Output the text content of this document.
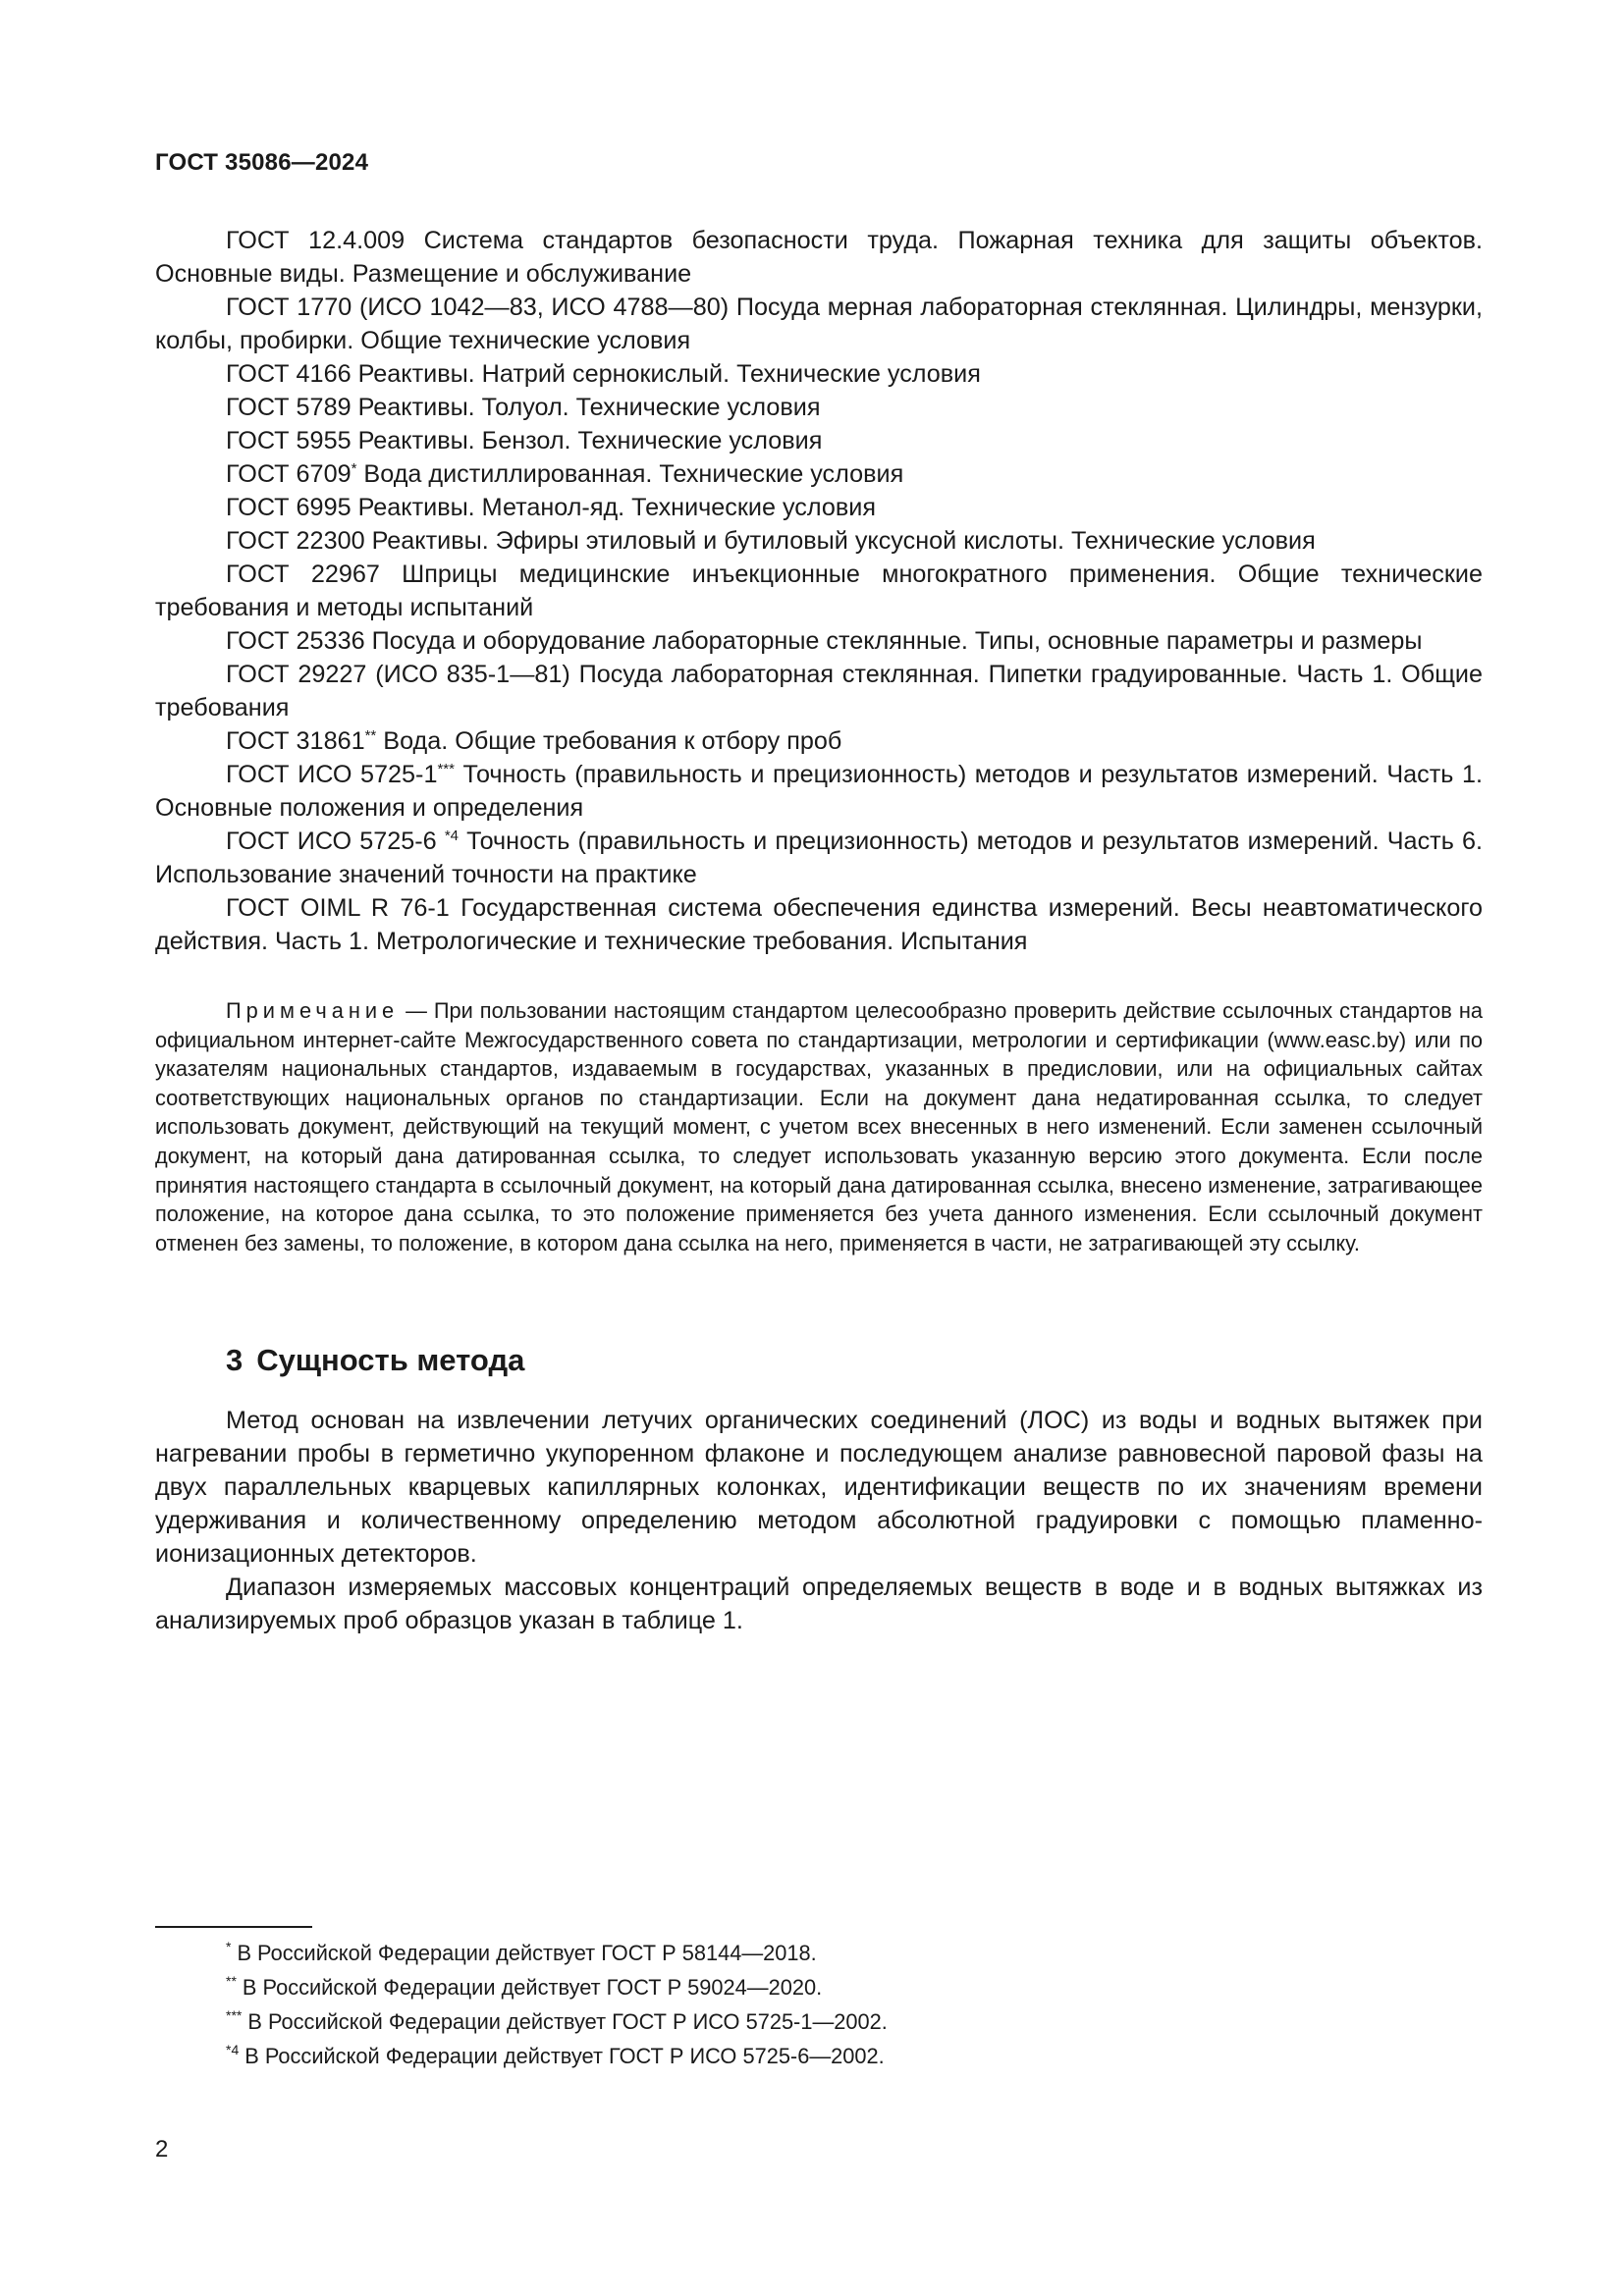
ГОСТ 35086—2024

ГОСТ 12.4.009 Система стандартов безопасности труда. Пожарная техника для защиты объектов. Основные виды. Размещение и обслуживание

ГОСТ 1770 (ИСО 1042—83, ИСО 4788—80) Посуда мерная лабораторная стеклянная. Цилиндры, мензурки, колбы, пробирки. Общие технические условия

ГОСТ 4166 Реактивы. Натрий сернокислый. Технические условия

ГОСТ 5789 Реактивы. Толуол. Технические условия

ГОСТ 5955 Реактивы. Бензол. Технические условия

ГОСТ 6709* Вода дистиллированная. Технические условия

ГОСТ 6995 Реактивы. Метанол-яд. Технические условия

ГОСТ 22300 Реактивы. Эфиры этиловый и бутиловый уксусной кислоты. Технические условия

ГОСТ 22967 Шприцы медицинские инъекционные многократного применения. Общие технические требования и методы испытаний

ГОСТ 25336 Посуда и оборудование лабораторные стеклянные. Типы, основные параметры и размеры

ГОСТ 29227 (ИСО 835-1—81) Посуда лабораторная стеклянная. Пипетки градуированные. Часть 1. Общие требования

ГОСТ 31861** Вода. Общие требования к отбору проб

ГОСТ ИСО 5725-1*** Точность (правильность и прецизионность) методов и результатов измерений. Часть 1. Основные положения и определения

ГОСТ ИСО 5725-6 $^{*4}$ Точность (правильность и прецизионность) методов и результатов измерений. Часть 6. Использование значений точности на практике

ГОСТ OIML R 76-1 Государственная система обеспечения единства измерений. Весы неавтоматического действия. Часть 1. Метрологические и технические требования. Испытания

Примечание — При пользовании настоящим стандартом целесообразно проверить действие ссылочных стандартов на официальном интернет-сайте Межгосударственного совета по стандартизации, метрологии и сертификации (www.easc.by) или по указателям национальных стандартов, издаваемым в государствах, указанных в предисловии, или на официальных сайтах соответствующих национальных органов по стандартизации. Если на документ дана недатированная ссылка, то следует использовать документ, действующий на текущий момент, с учетом всех внесенных в него изменений. Если заменен ссылочный документ, на который дана датированная ссылка, то следует использовать указанную версию этого документа. Если после принятия настоящего стандарта в ссылочный документ, на который дана датированная ссылка, внесено изменение, затрагивающее положение, на которое дана ссылка, то это положение применяется без учета данного изменения. Если ссылочный документ отменен без замены, то положение, в котором дана ссылка на него, применяется в части, не затрагивающей эту ссылку.

3 Сущность метода

Метод основан на извлечении летучих органических соединений (ЛОС) из воды и водных вытяжек при нагревании пробы в герметично укупоренном флаконе и последующем анализе равновесной паровой фазы на двух параллельных кварцевых капиллярных колонках, идентификации веществ по их значениям времени удерживания и количественному определению методом абсолютной градуировки с помощью пламенно-ионизационных детекторов.

Диапазон измеряемых массовых концентраций определяемых веществ в воде и в водных вытяжках из анализируемых проб образцов указан в таблице 1.

* В Российской Федерации действует ГОСТ Р 58144—2018.

** В Российской Федерации действует ГОСТ Р 59024—2020.

*** В Российской Федерации действует ГОСТ Р ИСО 5725-1—2002.

$^{*4}$ В Российской Федерации действует ГОСТ Р ИСО 5725-6—2002.

2
